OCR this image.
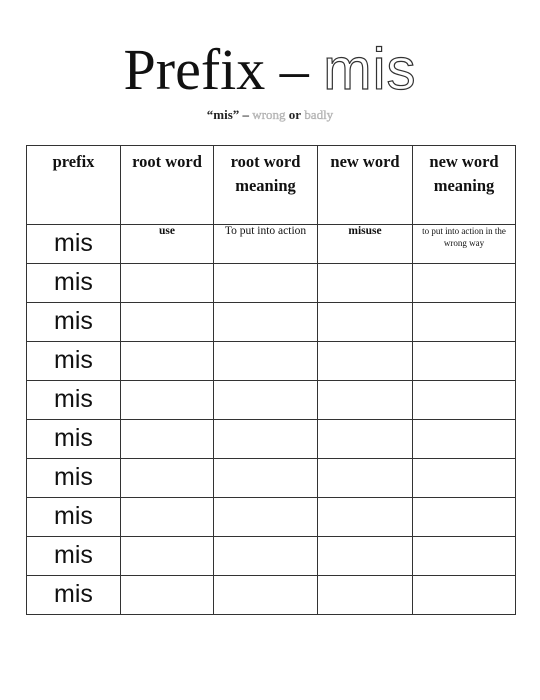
Prefix – mis
“mis” – wrong or badly
prefix	root word	root word meaning	new word	new word meaning
mis	use	To put into action	misuse	to put into action in the wrong way
mis				
mis				
mis				
mis				
mis				
mis				
mis				
mis				
mis				
